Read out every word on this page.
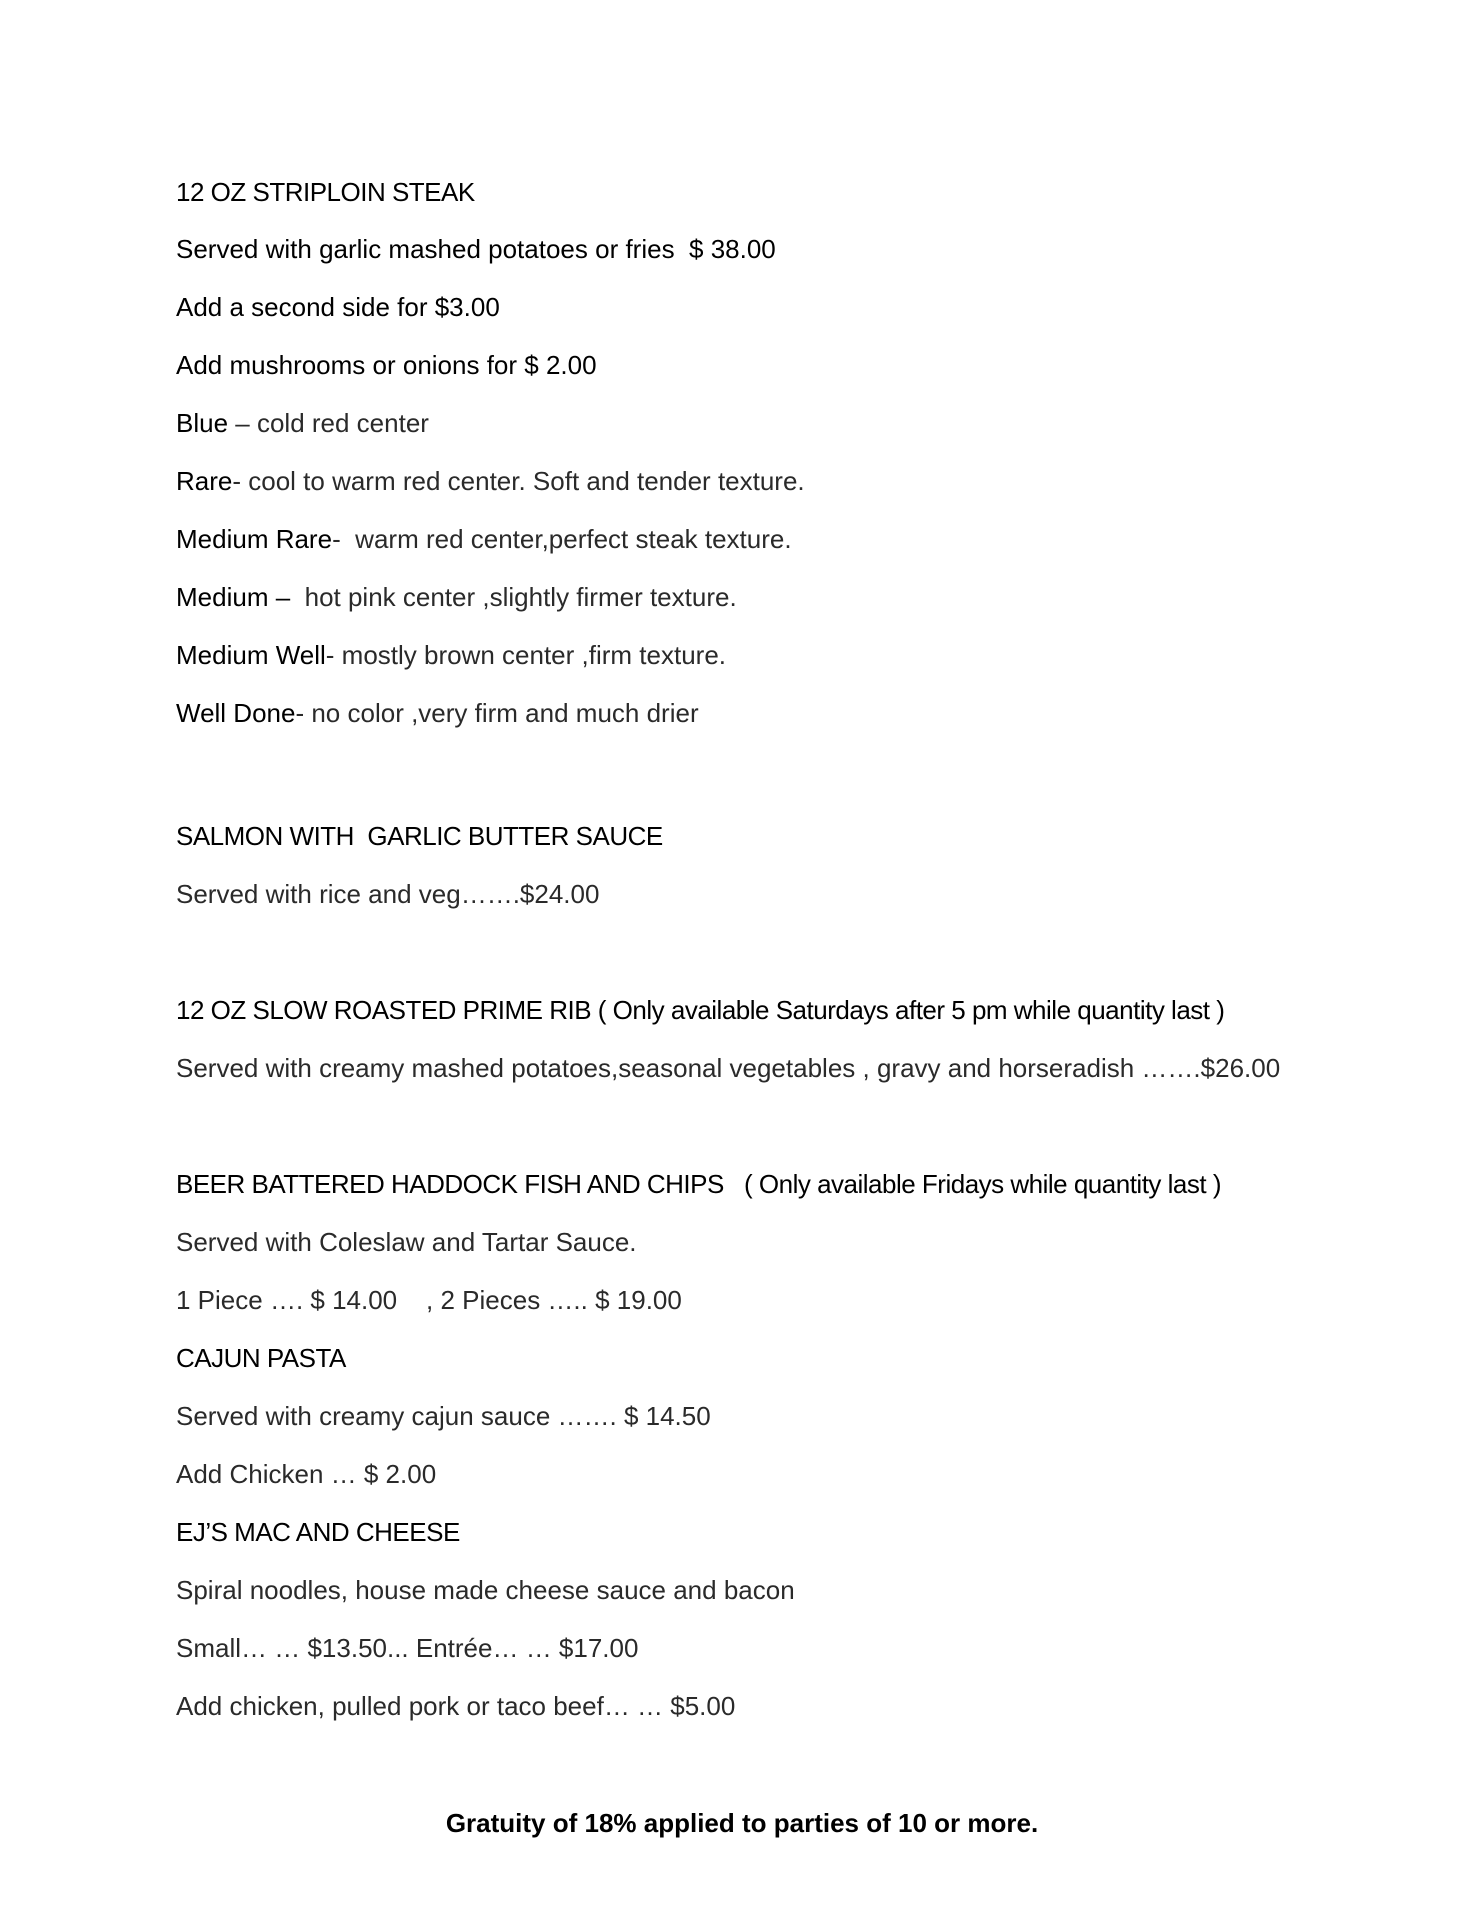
12 OZ STRIPLOIN STEAK
Served with garlic mashed potatoes or fries  $ 38.00
Add a second side for $3.00
Add mushrooms or onions for $ 2.00
Blue – cold red center
Rare- cool to warm red center. Soft and tender texture.
Medium Rare-  warm red center,perfect steak texture.
Medium –  hot pink center ,slightly firmer texture.
Medium Well- mostly brown center ,firm texture.
Well Done- no color ,very firm and much drier
SALMON WITH  GARLIC BUTTER SAUCE
Served with rice and veg…….$24.00
12 OZ SLOW ROASTED PRIME RIB ( Only available Saturdays after 5 pm while quantity last )
Served with creamy mashed potatoes,seasonal vegetables , gravy and horseradish …….$26.00
BEER BATTERED HADDOCK FISH AND CHIPS   ( Only available Fridays while quantity last )
Served with Coleslaw and Tartar Sauce.
1 Piece …. $ 14.00    , 2 Pieces ….. $ 19.00
CAJUN PASTA
Served with creamy cajun sauce ……. $ 14.50
Add Chicken … $ 2.00
EJ’S MAC AND CHEESE
Spiral noodles, house made cheese sauce and bacon
Small… … $13.50... Entrée… … $17.00
Add chicken, pulled pork or taco beef… … $5.00
Gratuity of 18% applied to parties of 10 or more.
